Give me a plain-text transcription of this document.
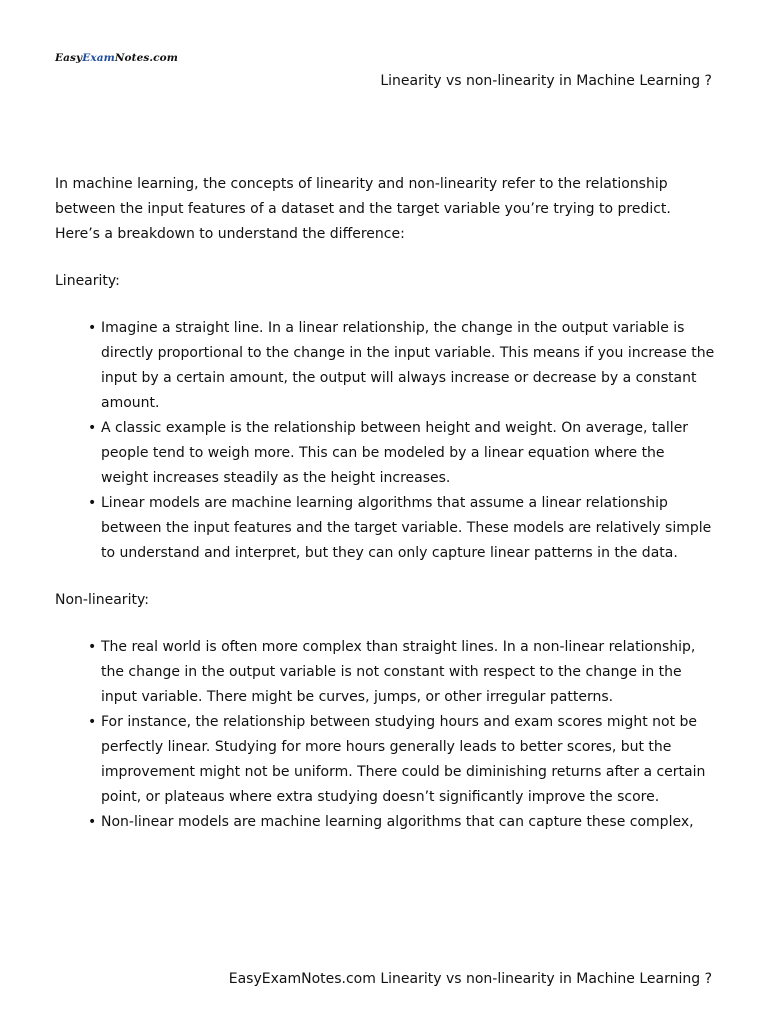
EasyExamNotes.com
Linearity vs non-linearity in Machine Learning ?

In machine learning, the concepts of linearity and non-linearity refer to the relationship between the input features of a dataset and the target variable you’re trying to predict. Here’s a breakdown to understand the difference:

Linearity:

• Imagine a straight line. In a linear relationship, the change in the output variable is directly proportional to the change in the input variable. This means if you increase the input by a certain amount, the output will always increase or decrease by a constant amount.
• A classic example is the relationship between height and weight. On average, taller people tend to weigh more. This can be modeled by a linear equation where the weight increases steadily as the height increases.
• Linear models are machine learning algorithms that assume a linear relationship between the input features and the target variable. These models are relatively simple to understand and interpret, but they can only capture linear patterns in the data.

Non-linearity:

• The real world is often more complex than straight lines. In a non-linear relationship, the change in the output variable is not constant with respect to the change in the input variable. There might be curves, jumps, or other irregular patterns.
• For instance, the relationship between studying hours and exam scores might not be perfectly linear. Studying for more hours generally leads to better scores, but the improvement might not be uniform. There could be diminishing returns after a certain point, or plateaus where extra studying doesn’t significantly improve the score.
• Non-linear models are machine learning algorithms that can capture these complex,
EasyExamNotes.com Linearity vs non-linearity in Machine Learning ?
